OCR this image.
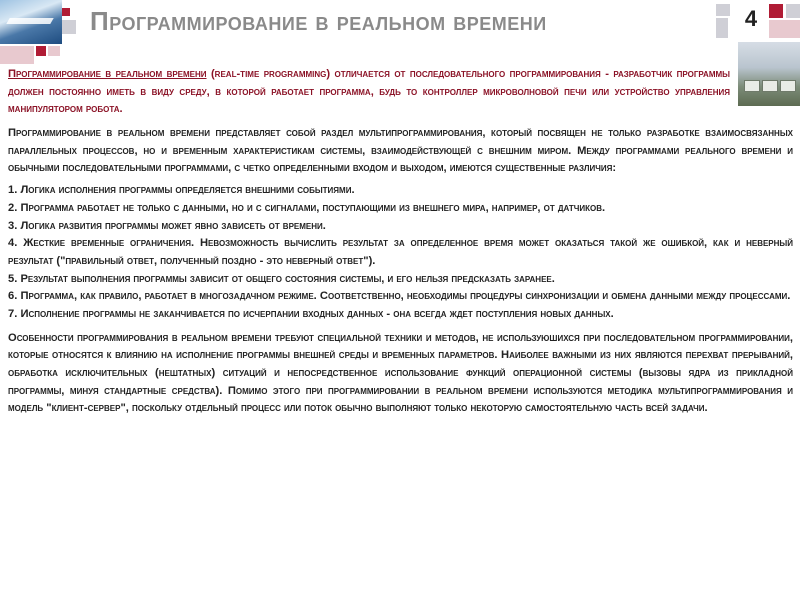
Программирование в реальном времени	4

Программирование в реальном времени (real-time programming) отличается от последовательного программирования - разработчик программы должен постоянно иметь в виду среду, в которой работает программа, будь то контроллер микроволновой печи или устройство управления манипулятором робота.

Программирование в реальном времени представляет собой раздел мультипрограммирования, который посвящен не только разработке взаимосвязанных параллельных процессов, но и временным характеристикам системы, взаимодействующей с внешним миром. Между программами реального времени и обычными последовательными программами, с четко определенными входом и выходом, имеются существенные различия:

1. Логика исполнения программы определяется внешними событиями.

2. Программа работает не только с данными, но и с сигналами, поступающими из внешнего мира, например, от датчиков.

3. Логика развития программы может явно зависеть от времени.

4. Жесткие временные ограничения. Невозможность вычислить результат за определенное время может оказаться такой же ошибкой, как и неверный результат ("правильный ответ, полученный поздно - это неверный ответ").

5. Результат выполнения программы зависит от общего состояния системы, и его нельзя предсказать заранее.

6. Программа, как правило, работает в многозадачном режиме. Соответственно, необходимы процедуры синхронизации и обмена данными между процессами.

7. Исполнение программы не заканчивается по исчерпании входных данных - она всегда ждет поступления новых данных.

Особенности программирования в реальном времени требуют специальной техники и методов, не используюшихся при последовательном программировании, которые относятся к влиянию на исполнение программы внешней среды и временных параметров. Наиболее важными из них являются перехват прерываний, обработка исключительных (нештатных) ситуаций и непосредственное использование функций операционной системы (вызовы ядра из прикладной программы, минуя стандартные средства). Помимо этого при программировании в реальном времени используются методика мультипрограммирования и модель "клиент-сервер", поскольку отдельный процесс или поток обычно выполняют только некоторую самостоятельную часть всей задачи.
